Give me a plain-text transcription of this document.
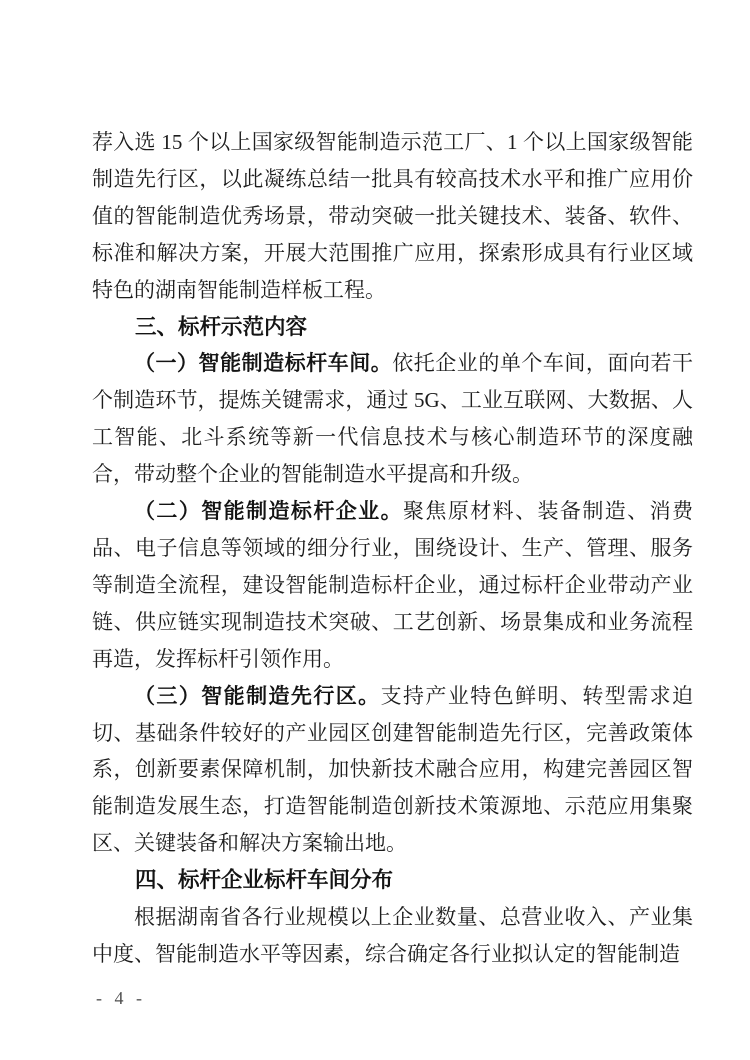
荐入选 15 个以上国家级智能制造示范工厂、1 个以上国家级智能制造先行区，以此凝练总结一批具有较高技术水平和推广应用价值的智能制造优秀场景，带动突破一批关键技术、装备、软件、标准和解决方案，开展大范围推广应用，探索形成具有行业区域特色的湖南智能制造样板工程。

三、标杆示范内容

（一）智能制造标杆车间。依托企业的单个车间，面向若干个制造环节，提炼关键需求，通过 5G、工业互联网、大数据、人工智能、北斗系统等新一代信息技术与核心制造环节的深度融合，带动整个企业的智能制造水平提高和升级。

（二）智能制造标杆企业。聚焦原材料、装备制造、消费品、电子信息等领域的细分行业，围绕设计、生产、管理、服务等制造全流程，建设智能制造标杆企业，通过标杆企业带动产业链、供应链实现制造技术突破、工艺创新、场景集成和业务流程再造，发挥标杆引领作用。

（三）智能制造先行区。支持产业特色鲜明、转型需求迫切、基础条件较好的产业园区创建智能制造先行区，完善政策体系，创新要素保障机制，加快新技术融合应用，构建完善园区智能制造发展生态，打造智能制造创新技术策源地、示范应用集聚区、关键装备和解决方案输出地。

四、标杆企业标杆车间分布

根据湖南省各行业规模以上企业数量、总营业收入、产业集中度、智能制造水平等因素，综合确定各行业拟认定的智能制造

- 4 -
